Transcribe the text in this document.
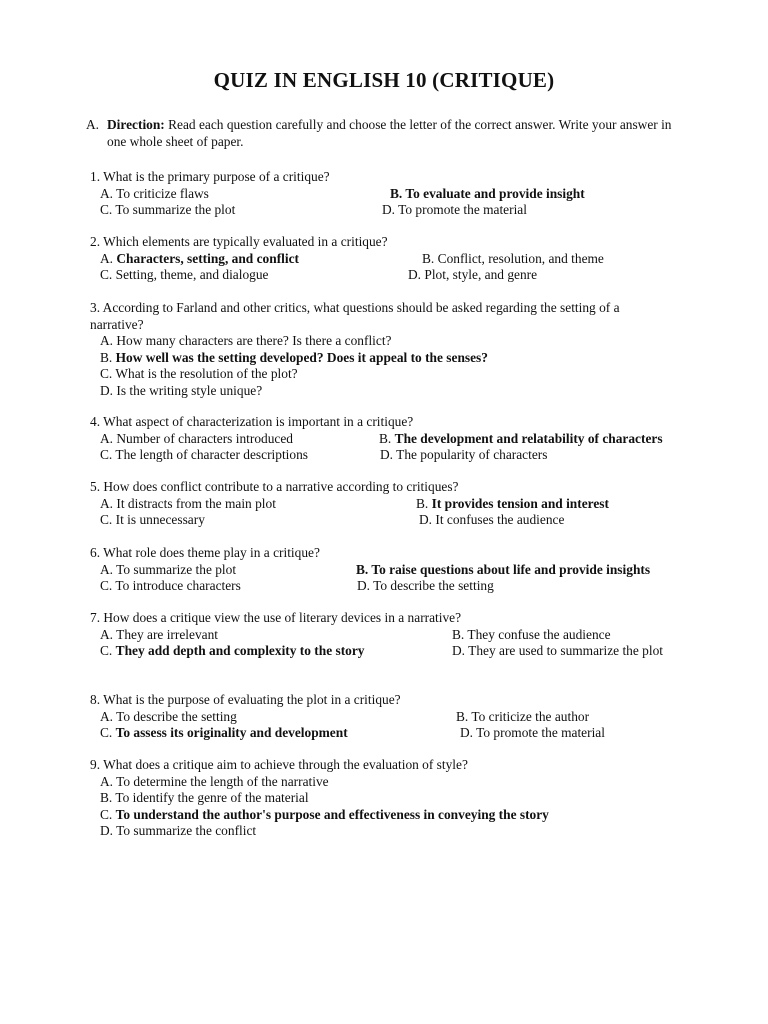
QUIZ IN ENGLISH 10 (CRITIQUE)
A. Direction: Read each question carefully and choose the letter of the correct answer. Write your answer in one whole sheet of paper.
1. What is the primary purpose of a critique?
A. To criticize flaws	B. To evaluate and provide insight
C. To summarize the plot	D. To promote the material
2. Which elements are typically evaluated in a critique?
A. Characters, setting, and conflict	B. Conflict, resolution, and theme
C. Setting, theme, and dialogue	D. Plot, style, and genre
3. According to Farland and other critics, what questions should be asked regarding the setting of a
narrative?
A. How many characters are there? Is there a conflict?
B. How well was the setting developed? Does it appeal to the senses?
C. What is the resolution of the plot?
D. Is the writing style unique?
4. What aspect of characterization is important in a critique?
A. Number of characters introduced	B. The development and relatability of characters
C. The length of character descriptions	D. The popularity of characters
5. How does conflict contribute to a narrative according to critiques?
A. It distracts from the main plot	B. It provides tension and interest
C. It is unnecessary	D. It confuses the audience
6. What role does theme play in a critique?
A. To summarize the plot	B. To raise questions about life and provide insights
C. To introduce characters	D. To describe the setting
7. How does a critique view the use of literary devices in a narrative?
A. They are irrelevant	B. They confuse the audience
C. They add depth and complexity to the story	D. They are used to summarize the plot
8. What is the purpose of evaluating the plot in a critique?
A. To describe the setting	B. To criticize the author
C. To assess its originality and development	D. To promote the material
9. What does a critique aim to achieve through the evaluation of style?
A. To determine the length of the narrative
B. To identify the genre of the material
C. To understand the author's purpose and effectiveness in conveying the story
D. To summarize the conflict
